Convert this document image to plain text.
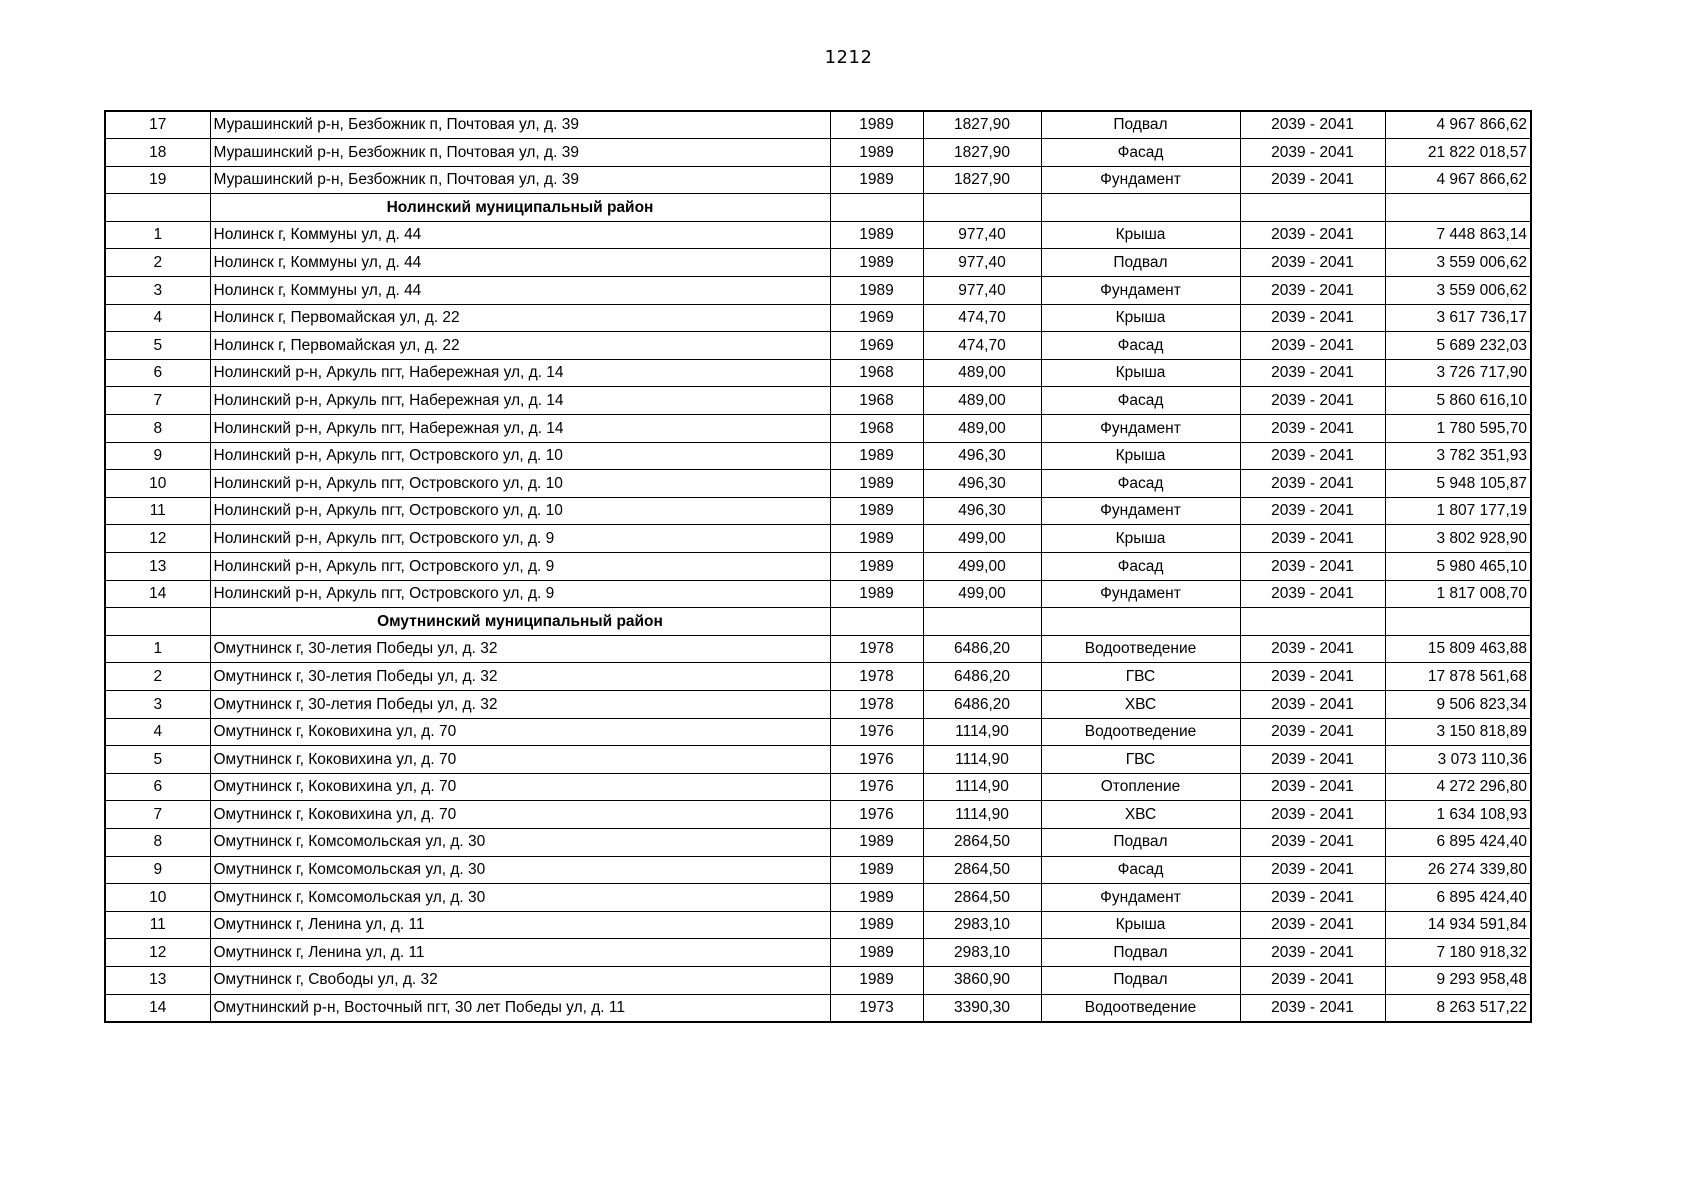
1212
17	Мурашинский р-н, Безбожник п, Почтовая ул, д. 39	1989	1827,90	Подвал	2039 - 2041	4 967 866,62
18	Мурашинский р-н, Безбожник п, Почтовая ул, д. 39	1989	1827,90	Фасад	2039 - 2041	21 822 018,57
19	Мурашинский р-н, Безбожник п, Почтовая ул, д. 39	1989	1827,90	Фундамент	2039 - 2041	4 967 866,62
	Нолинский муниципальный район					
1	Нолинск г, Коммуны ул, д. 44	1989	977,40	Крыша	2039 - 2041	7 448 863,14
2	Нолинск г, Коммуны ул, д. 44	1989	977,40	Подвал	2039 - 2041	3 559 006,62
3	Нолинск г, Коммуны ул, д. 44	1989	977,40	Фундамент	2039 - 2041	3 559 006,62
4	Нолинск г, Первомайская ул, д. 22	1969	474,70	Крыша	2039 - 2041	3 617 736,17
5	Нолинск г, Первомайская ул, д. 22	1969	474,70	Фасад	2039 - 2041	5 689 232,03
6	Нолинский р-н, Аркуль пгт, Набережная ул, д. 14	1968	489,00	Крыша	2039 - 2041	3 726 717,90
7	Нолинский р-н, Аркуль пгт, Набережная ул, д. 14	1968	489,00	Фасад	2039 - 2041	5 860 616,10
8	Нолинский р-н, Аркуль пгт, Набережная ул, д. 14	1968	489,00	Фундамент	2039 - 2041	1 780 595,70
9	Нолинский р-н, Аркуль пгт, Островского ул, д. 10	1989	496,30	Крыша	2039 - 2041	3 782 351,93
10	Нолинский р-н, Аркуль пгт, Островского ул, д. 10	1989	496,30	Фасад	2039 - 2041	5 948 105,87
11	Нолинский р-н, Аркуль пгт, Островского ул, д. 10	1989	496,30	Фундамент	2039 - 2041	1 807 177,19
12	Нолинский р-н, Аркуль пгт, Островского ул, д. 9	1989	499,00	Крыша	2039 - 2041	3 802 928,90
13	Нолинский р-н, Аркуль пгт, Островского ул, д. 9	1989	499,00	Фасад	2039 - 2041	5 980 465,10
14	Нолинский р-н, Аркуль пгт, Островского ул, д. 9	1989	499,00	Фундамент	2039 - 2041	1 817 008,70
	Омутнинский муниципальный район					
1	Омутнинск г, 30-летия Победы ул, д. 32	1978	6486,20	Водоотведение	2039 - 2041	15 809 463,88
2	Омутнинск г, 30-летия Победы ул, д. 32	1978	6486,20	ГВС	2039 - 2041	17 878 561,68
3	Омутнинск г, 30-летия Победы ул, д. 32	1978	6486,20	ХВС	2039 - 2041	9 506 823,34
4	Омутнинск г, Коковихина ул, д. 70	1976	1114,90	Водоотведение	2039 - 2041	3 150 818,89
5	Омутнинск г, Коковихина ул, д. 70	1976	1114,90	ГВС	2039 - 2041	3 073 110,36
6	Омутнинск г, Коковихина ул, д. 70	1976	1114,90	Отопление	2039 - 2041	4 272 296,80
7	Омутнинск г, Коковихина ул, д. 70	1976	1114,90	ХВС	2039 - 2041	1 634 108,93
8	Омутнинск г, Комсомольская ул, д. 30	1989	2864,50	Подвал	2039 - 2041	6 895 424,40
9	Омутнинск г, Комсомольская ул, д. 30	1989	2864,50	Фасад	2039 - 2041	26 274 339,80
10	Омутнинск г, Комсомольская ул, д. 30	1989	2864,50	Фундамент	2039 - 2041	6 895 424,40
11	Омутнинск г, Ленина ул, д. 11	1989	2983,10	Крыша	2039 - 2041	14 934 591,84
12	Омутнинск г, Ленина ул, д. 11	1989	2983,10	Подвал	2039 - 2041	7 180 918,32
13	Омутнинск г, Свободы ул, д. 32	1989	3860,90	Подвал	2039 - 2041	9 293 958,48
14	Омутнинский р-н, Восточный пгт, 30 лет Победы ул, д. 11	1973	3390,30	Водоотведение	2039 - 2041	8 263 517,22
